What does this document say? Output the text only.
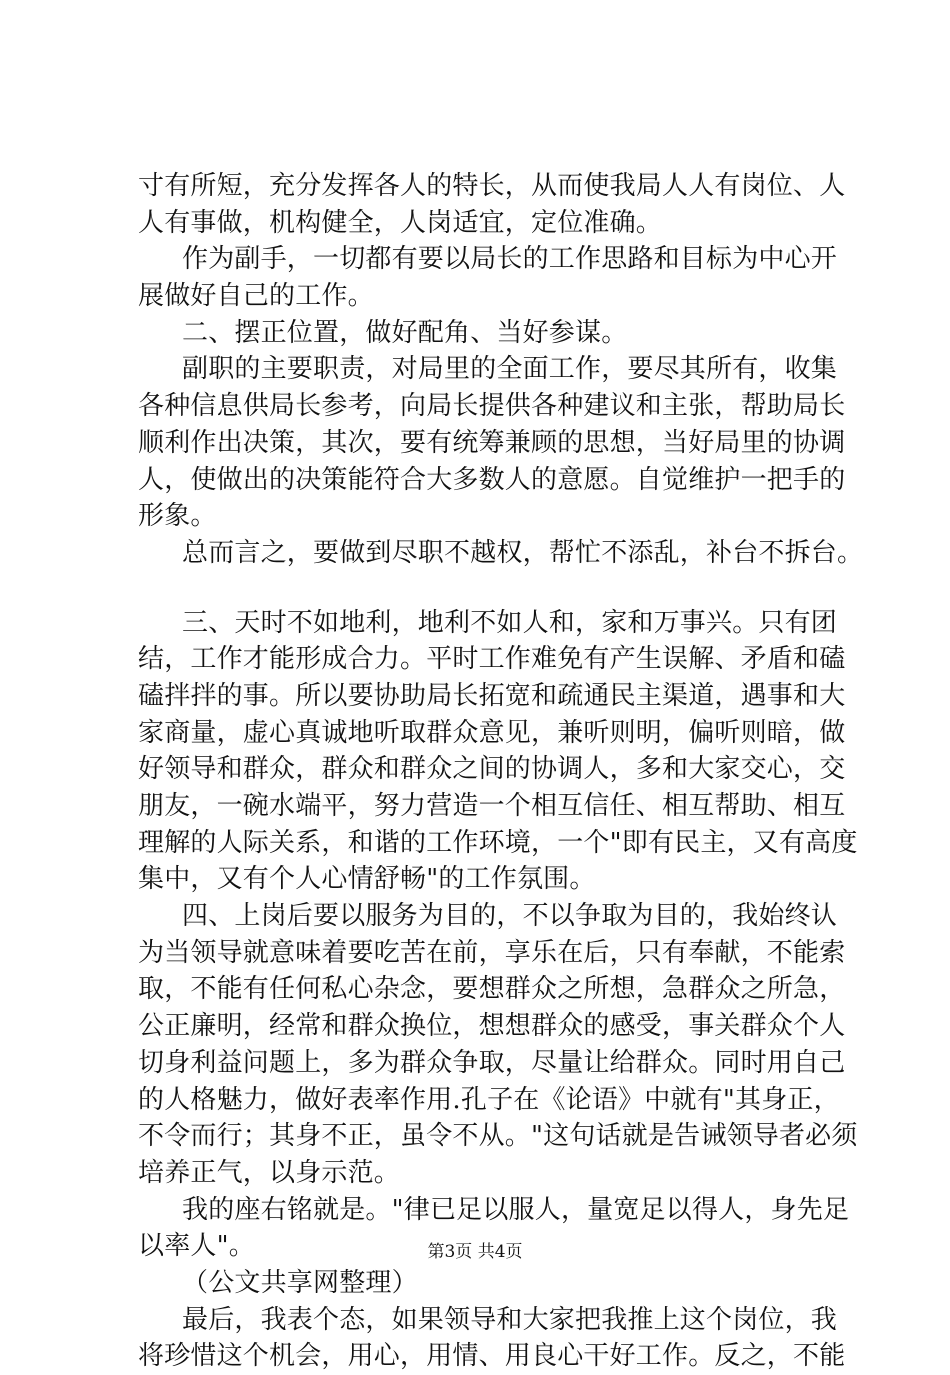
寸有所短，充分发挥各人的特长，从而使我局人人有岗位、人
人有事做，机构健全，人岗适宜，定位准确。
作为副手，一切都有要以局长的工作思路和目标为中心开
展做好自己的工作。
二、摆正位置，做好配角、当好参谋。
副职的主要职责，对局里的全面工作，要尽其所有，收集
各种信息供局长参考，向局长提供各种建议和主张，帮助局长
顺利作出决策，其次，要有统筹兼顾的思想，当好局里的协调
人，使做出的决策能符合大多数人的意愿。自觉维护一把手的
形象。
总而言之，要做到尽职不越权，帮忙不添乱，补台不拆台。
三、天时不如地利，地利不如人和，家和万事兴。只有团
结，工作才能形成合力。平时工作难免有产生误解、矛盾和磕
磕拌拌的事。所以要协助局长拓宽和疏通民主渠道，遇事和大
家商量，虚心真诚地听取群众意见，兼听则明，偏听则暗，做
好领导和群众，群众和群众之间的协调人，多和大家交心，交
朋友，一碗水端平，努力营造一个相互信任、相互帮助、相互
理解的人际关系，和谐的工作环境，一个"即有民主，又有高度
集中，又有个人心情舒畅"的工作氛围。
四、上岗后要以服务为目的，不以争取为目的，我始终认
为当领导就意味着要吃苦在前，享乐在后，只有奉献，不能索
取，不能有任何私心杂念，要想群众之所想，急群众之所急，
公正廉明，经常和群众换位，想想群众的感受，事关群众个人
切身利益问题上，多为群众争取，尽量让给群众。同时用自己
的人格魅力，做好表率作用.孔子在《论语》中就有"其身正，
不令而行；其身不正，虽令不从。"这句话就是告诫领导者必须
培养正气，以身示范。
我的座右铭就是。"律已足以服人，量宽足以得人，身先足
以率人"。
（公文共享网整理）
最后，我表个态，如果领导和大家把我推上这个岗位，我
将珍惜这个机会，用心，用情、用良心干好工作。反之，不能
第3页 共4页
